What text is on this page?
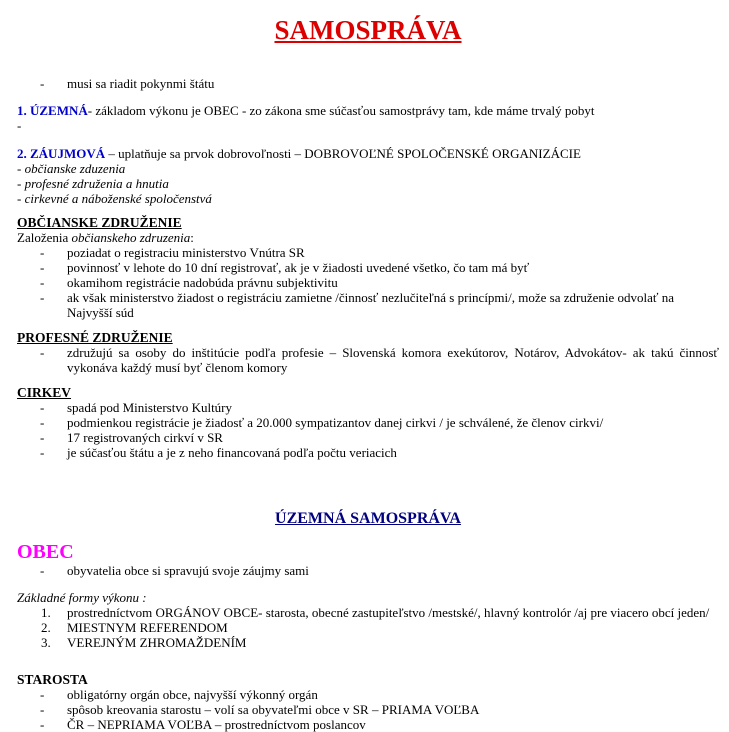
SAMOSPRÁVA
- musi sa riadit pokynmi štátu

1. ÚZEMNÁ- základom výkonu je OBEC - zo zákona sme súčasťou samostprávy tam, kde máme trvalý pobyt

-

2. ZÁUJMOVÁ – uplatňuje sa prvok dobrovoľnosti – DOBROVOĽNÉ SPOLOČENSKÉ ORGANIZÁCIE

- občianske zduzenia

- profesné združenia a hnutia

- cirkevné a náboženské spoločenstvá

OBČIANSKE ZDRUŽENIE

Založenia občianskeho zdruzenia:

- poziadat o registraciu ministerstvo Vnútra SR
- povinnosť v lehote do 10 dní registrovať, ak je v žiadosti uvedené všetko, čo tam má byť
- okamihom registrácie nadobúda právnu subjektivitu
- ak však ministerstvo žiadost o registráciu zamietne /činnosť nezlučiteľná s princípmi/, može sa združenie odvolať na Najvyšší súd

PROFESNÉ ZDRUŽENIE

- združujú sa osoby do inštitúcie podľa profesie – Slovenská komora exekútorov, Notárov, Advokátov- ak takú činnosť vykonáva každý musí byť členom komory

CIRKEV

- spadá pod Ministerstvo Kultúry
- podmienkou registrácie je žiadosť a 20.000 sympatizantov danej cirkvi / je schválené, že členov cirkvi/
- 17 registrovaných cirkví v SR
- je súčasťou štátu a je z neho financovaná podľa počtu veriacich

ÚZEMNÁ SAMOSPRÁVA

OBEC

- obyvatelia obce si spravujú svoje záujmy sami

Základné formy výkonu :

prostredníctvom ORGÁNOV OBCE- starosta, obecné zastupiteľstvo /mestské/, hlavný kontrolór /aj pre viacero obcí jeden/
MIESTNYM REFERENDOM
VEREJNÝM ZHROMAŽDENÍM

STAROSTA

- obligatórny orgán obce, najvyšší výkonný orgán
- spôsob kreovania starostu – volí sa obyvateľmi obce v SR – PRIAMA VOĽBA
- ČR – NEPRIAMA VOĽBA – prostredníctvom poslancov
